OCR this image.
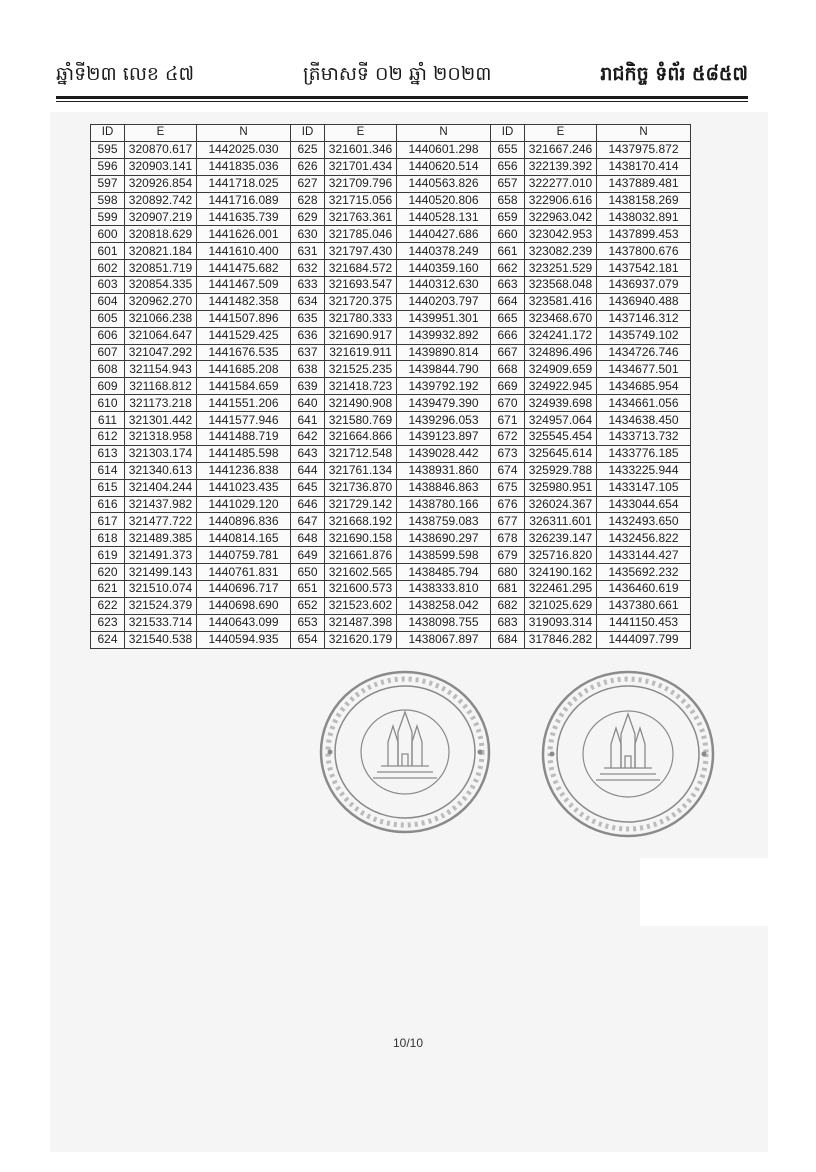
ឆ្នាំទី២៣ លេខ ៤៧	ត្រីមាសទី ០២ ឆ្នាំ ២០២៣	រាជកិច្ច ទំព័រ ៥៨៥៧
ID	E	N	ID	E	N	ID	E	N
595	320870.617	1442025.030	625	321601.346	1440601.298	655	321667.246	1437975.872
596	320903.141	1441835.036	626	321701.434	1440620.514	656	322139.392	1438170.414
597	320926.854	1441718.025	627	321709.796	1440563.826	657	322277.010	1437889.481
598	320892.742	1441716.089	628	321715.056	1440520.806	658	322906.616	1438158.269
599	320907.219	1441635.739	629	321763.361	1440528.131	659	322963.042	1438032.891
600	320818.629	1441626.001	630	321785.046	1440427.686	660	323042.953	1437899.453
601	320821.184	1441610.400	631	321797.430	1440378.249	661	323082.239	1437800.676
602	320851.719	1441475.682	632	321684.572	1440359.160	662	323251.529	1437542.181
603	320854.335	1441467.509	633	321693.547	1440312.630	663	323568.048	1436937.079
604	320962.270	1441482.358	634	321720.375	1440203.797	664	323581.416	1436940.488
605	321066.238	1441507.896	635	321780.333	1439951.301	665	323468.670	1437146.312
606	321064.647	1441529.425	636	321690.917	1439932.892	666	324241.172	1435749.102
607	321047.292	1441676.535	637	321619.911	1439890.814	667	324896.496	1434726.746
608	321154.943	1441685.208	638	321525.235	1439844.790	668	324909.659	1434677.501
609	321168.812	1441584.659	639	321418.723	1439792.192	669	324922.945	1434685.954
610	321173.218	1441551.206	640	321490.908	1439479.390	670	324939.698	1434661.056
611	321301.442	1441577.946	641	321580.769	1439296.053	671	324957.064	1434638.450
612	321318.958	1441488.719	642	321664.866	1439123.897	672	325545.454	1433713.732
613	321303.174	1441485.598	643	321712.548	1439028.442	673	325645.614	1433776.185
614	321340.613	1441236.838	644	321761.134	1438931.860	674	325929.788	1433225.944
615	321404.244	1441023.435	645	321736.870	1438846.863	675	325980.951	1433147.105
616	321437.982	1441029.120	646	321729.142	1438780.166	676	326024.367	1433044.654
617	321477.722	1440896.836	647	321668.192	1438759.083	677	326311.601	1432493.650
618	321489.385	1440814.165	648	321690.158	1438690.297	678	326239.147	1432456.822
619	321491.373	1440759.781	649	321661.876	1438599.598	679	325716.820	1433144.427
620	321499.143	1440761.831	650	321602.565	1438485.794	680	324190.162	1435692.232
621	321510.074	1440696.717	651	321600.573	1438333.810	681	322461.295	1436460.619
622	321524.379	1440698.690	652	321523.602	1438258.042	682	321025.629	1437380.661
623	321533.714	1440643.099	653	321487.398	1438098.755	683	319093.314	1441150.453
624	321540.538	1440594.935	654	321620.179	1438067.897	684	317846.282	1444097.799
10/10
